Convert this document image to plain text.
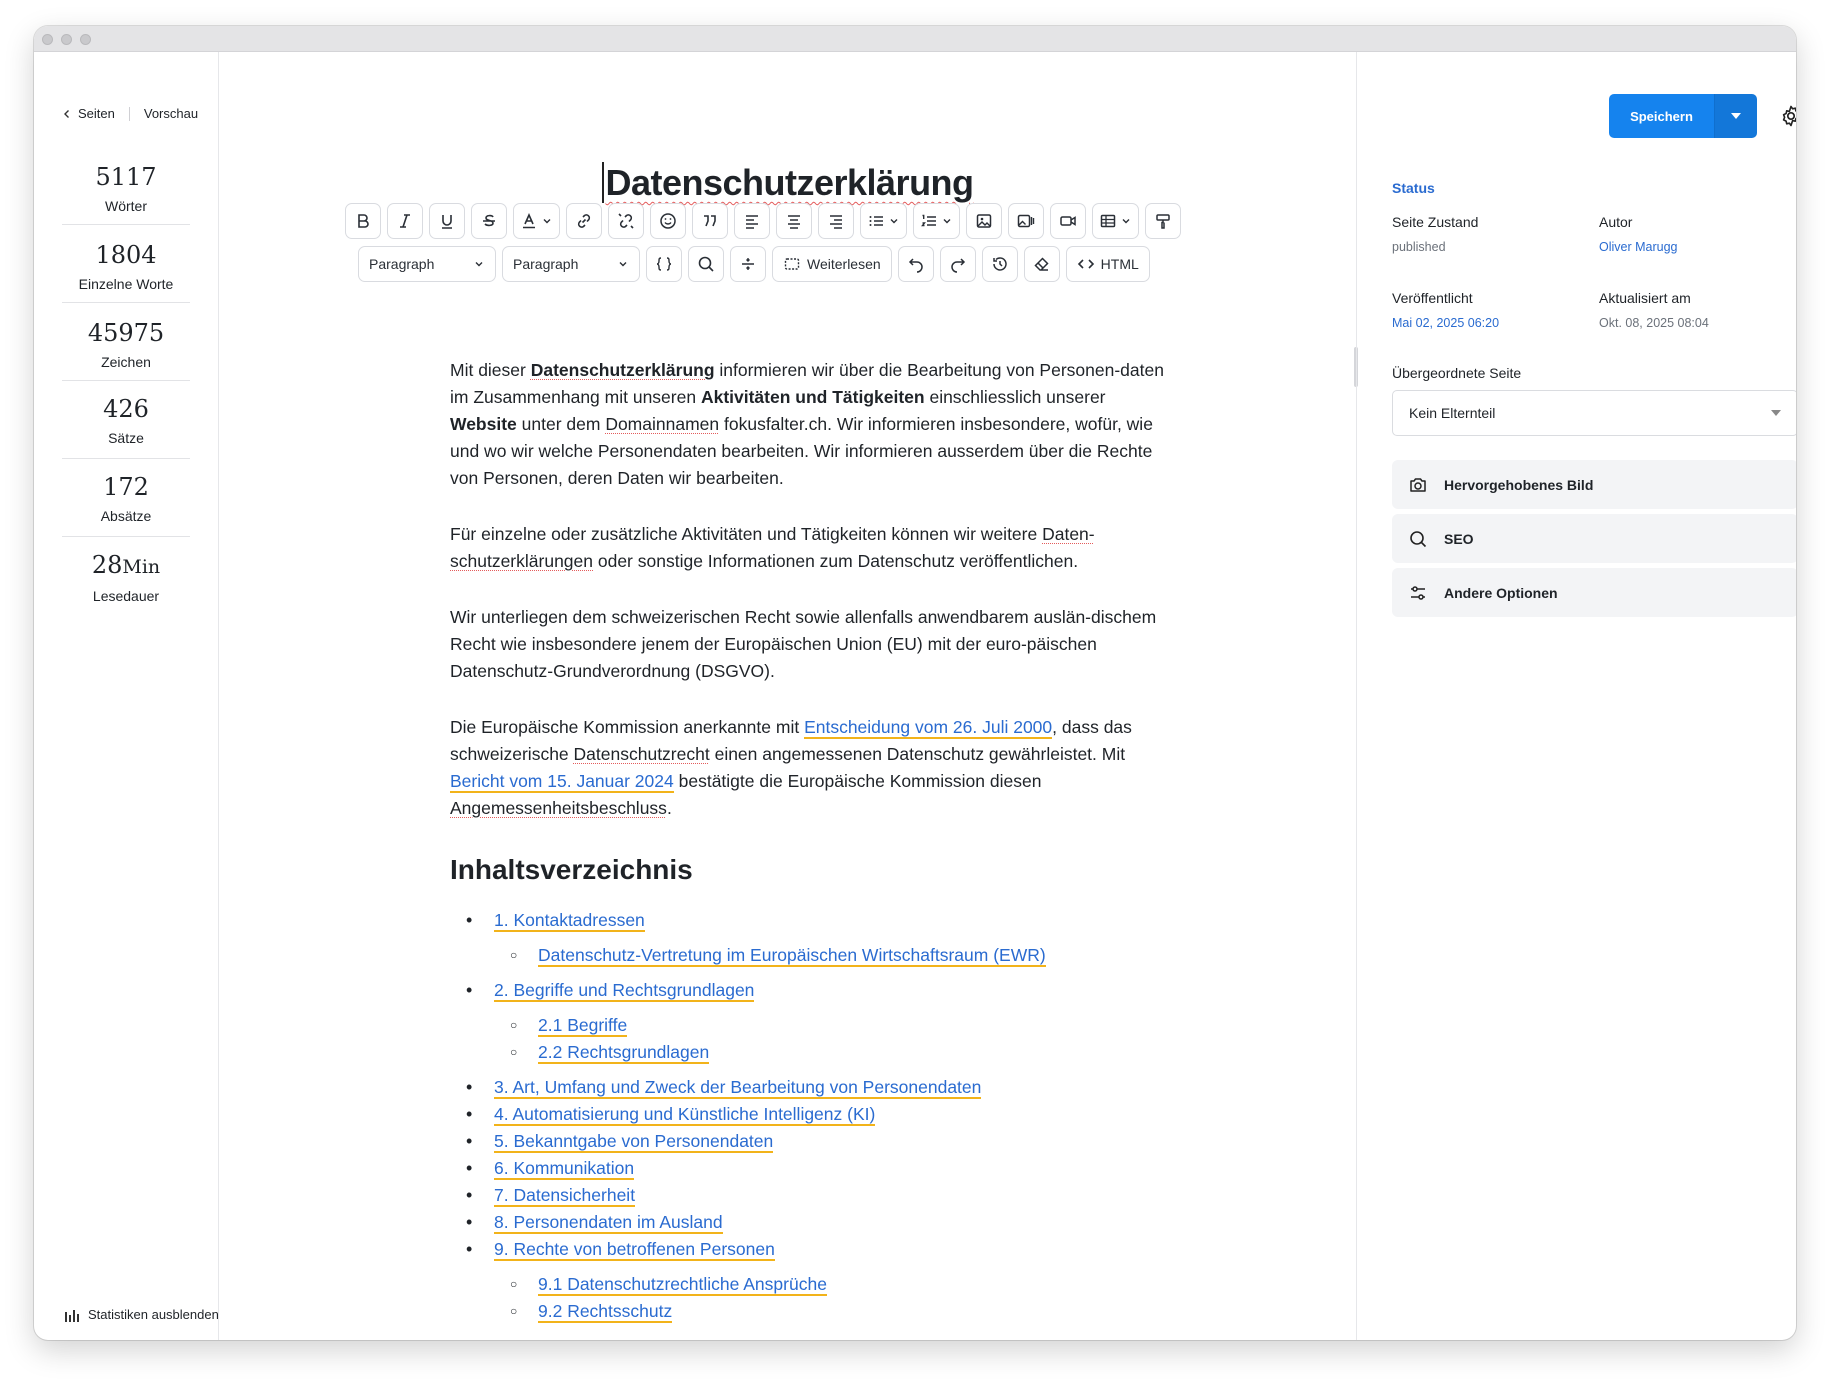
Seiten Vorschau
5117
Wörter
1804
Einzelne Worte
45975
Zeichen
426
Sätze
172
Absätze
28Min
Lesedauer
Statistiken ausblenden
Datenschutzerklärung
Paragraph	Paragraph	Weiterlesen	HTML

Mit dieser Datenschutzerklärung informieren wir über die Bearbeitung von Personen-daten im Zusammenhang mit unseren Aktivitäten und Tätigkeiten einschliesslich unserer Website unter dem Domainnamen fokusfalter.ch. Wir informieren insbesondere, wofür, wie und wo wir welche Personendaten bearbeiten. Wir informieren ausserdem über die Rechte von Personen, deren Daten wir bearbeiten.

Für einzelne oder zusätzliche Aktivitäten und Tätigkeiten können wir weitere Daten-schutzerklärungen oder sonstige Informationen zum Datenschutz veröffentlichen.

Wir unterliegen dem schweizerischen Recht sowie allenfalls anwendbarem auslän-dischem Recht wie insbesondere jenem der Europäischen Union (EU) mit der euro-päischen Datenschutz-Grundverordnung (DSGVO).

Die Europäische Kommission anerkannte mit Entscheidung vom 26. Juli 2000, dass das schweizerische Datenschutzrecht einen angemessenen Datenschutz gewährleistet. Mit Bericht vom 15. Januar 2024 bestätigte die Europäische Kommission diesen Angemessenheitsbeschluss.

Inhaltsverzeichnis
• 1. Kontaktadressen
○ Datenschutz-Vertretung im Europäischen Wirtschaftsraum (EWR)
• 2. Begriffe und Rechtsgrundlagen
○ 2.1 Begriffe
○ 2.2 Rechtsgrundlagen
• 3. Art, Umfang und Zweck der Bearbeitung von Personendaten
• 4. Automatisierung und Künstliche Intelligenz (KI)
• 5. Bekanntgabe von Personendaten
• 6. Kommunikation
• 7. Datensicherheit
• 8. Personendaten im Ausland
• 9. Rechte von betroffenen Personen
○ 9.1 Datenschutzrechtliche Ansprüche
○ 9.2 Rechtsschutz
Speichern
Status
Seite Zustand
published
Autor
Oliver Marugg
Veröffentlicht
Mai 02, 2025 06:20
Aktualisiert am
Okt. 08, 2025 08:04
Übergeordnete Seite
Kein Elternteil
Hervorgehobenes Bild
SEO
Andere Optionen
